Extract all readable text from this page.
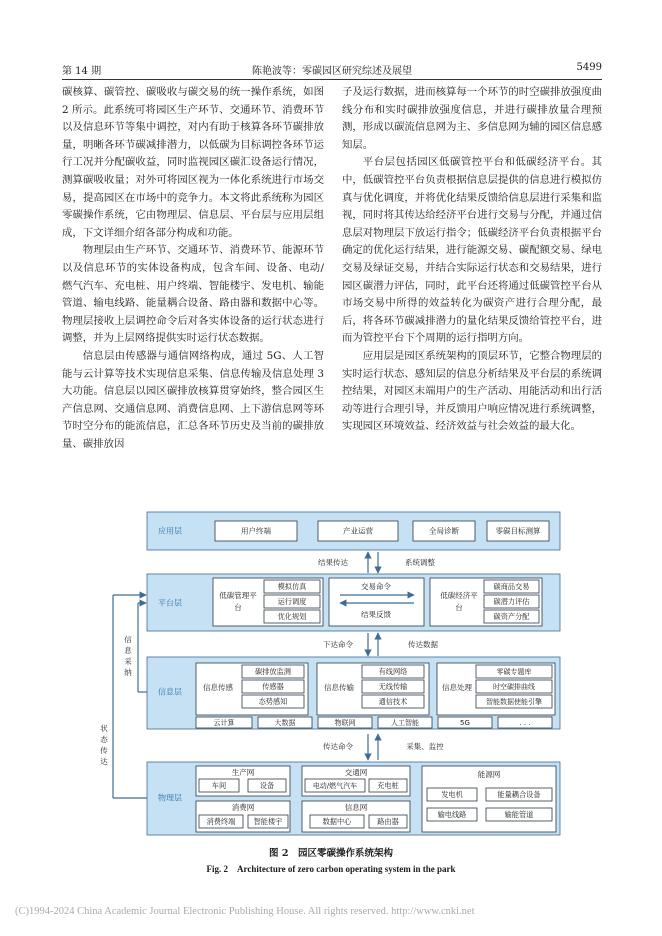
第 14 期	陈艳波等：零碳园区研究综述及展望	5499

碳核算、碳管控、碳吸收与碳交易的统一操作系统，如图 2 所示。此系统可将园区生产环节、交通环节、消费环节以及信息环节等集中调控，对内有助于核算各环节碳排放量，明晰各环节碳减排潜力，以低碳为目标调控各环节运行工况并分配碳收益，同时监视园区碳汇设备运行情况，测算碳吸收量；对外可将园区视为一体化系统进行市场交易，提高园区在市场中的竞争力。本文将此系统称为园区零碳操作系统，它由物理层、信息层、平台层与应用层组成，下文详细介绍各部分构成和功能。

物理层由生产环节、交通环节、消费环节、能源环节以及信息环节的实体设备构成，包含车间、设备、电动/燃气汽车、充电桩、用户终端、智能楼宇、发电机、输能管道、输电线路、能量耦合设备、路由器和数据中心等。物理层接收上层调控命令后对各实体设备的运行状态进行调整，并为上层网络提供实时运行状态数据。

信息层由传感器与通信网络构成，通过 5G、人工智能与云计算等技术实现信息采集、信息传输及信息处理 3 大功能。信息层以园区碳排放核算贯穿始终，整合园区生产信息网、交通信息网、消费信息网、上下游信息网等环节时空分布的能流信息，汇总各环节历史及当前的碳排放量、碳排放因

子及运行数据，进而核算每一个环节的时空碳排放强度曲线分布和实时碳排放强度信息，并进行碳排放量合理预测，形成以碳流信息网为主、多信息网为辅的园区信息感知层。

平台层包括园区低碳管控平台和低碳经济平台。其中，低碳管控平台负责根据信息层提供的信息进行模拟仿真与优化调度，并将优化结果反馈给信息层进行采集和监视，同时将其传达给经济平台进行交易与分配，并通过信息层对物理层下放运行指令；低碳经济平台负责根据平台确定的优化运行结果，进行能源交易、碳配额交易、绿电交易及绿证交易，并结合实际运行状态和交易结果，进行园区碳潜力评估，同时，此平台还将通过低碳管控平台从市场交易中所得的效益转化为碳资产进行合理分配，最后，将各环节碳减排潜力的量化结果反馈给管控平台，进而为管控平台下个周期的运行指明方向。

应用层是园区系统架构的顶层环节，它整合物理层的实时运行状态、感知层的信息分析结果及平台层的系统调控结果，对园区末端用户的生产活动、用能活动和出行活动等进行合理引导，并反馈用户响应情况进行系统调整，实现园区环境效益、经济效益与社会效益的最大化。

应用层	用户终端	产业运营	全局诊断	零碳目标测算
结果传达	系统调整
平台层
低碳管理平
台
模拟仿真
运行调度
优化规划
交易命令
结果反馈
低碳经济平
台
碳商品交易
碳潜力评估
碳资产分配
下达命令	传达数据
信息层	信息传感
碳排放监测
传感器
态势感知
信息传输
有线网络
无线传输
通信技术
信息处理
零碳专题库
时空碳排曲线
智能数据使能引擎
云计算	大数据	物联网	人工智能	5G	. . .
传达命令	采集、监控
物理层
生产网
车间	设备
交通网
电动/燃气汽车	充电桩
能源网
发电机	能量耦合设备
输电线路	输能管道
消费网
消费终端	智能楼宇
信息网
数据中心	路由器
信息采纳
状态传达
图 2　园区零碳操作系统架构
Fig. 2　Architecture of zero carbon operating system in the park
(C)1994-2024 China Academic Journal Electronic Publishing House. All rights reserved. http://www.cnki.net
